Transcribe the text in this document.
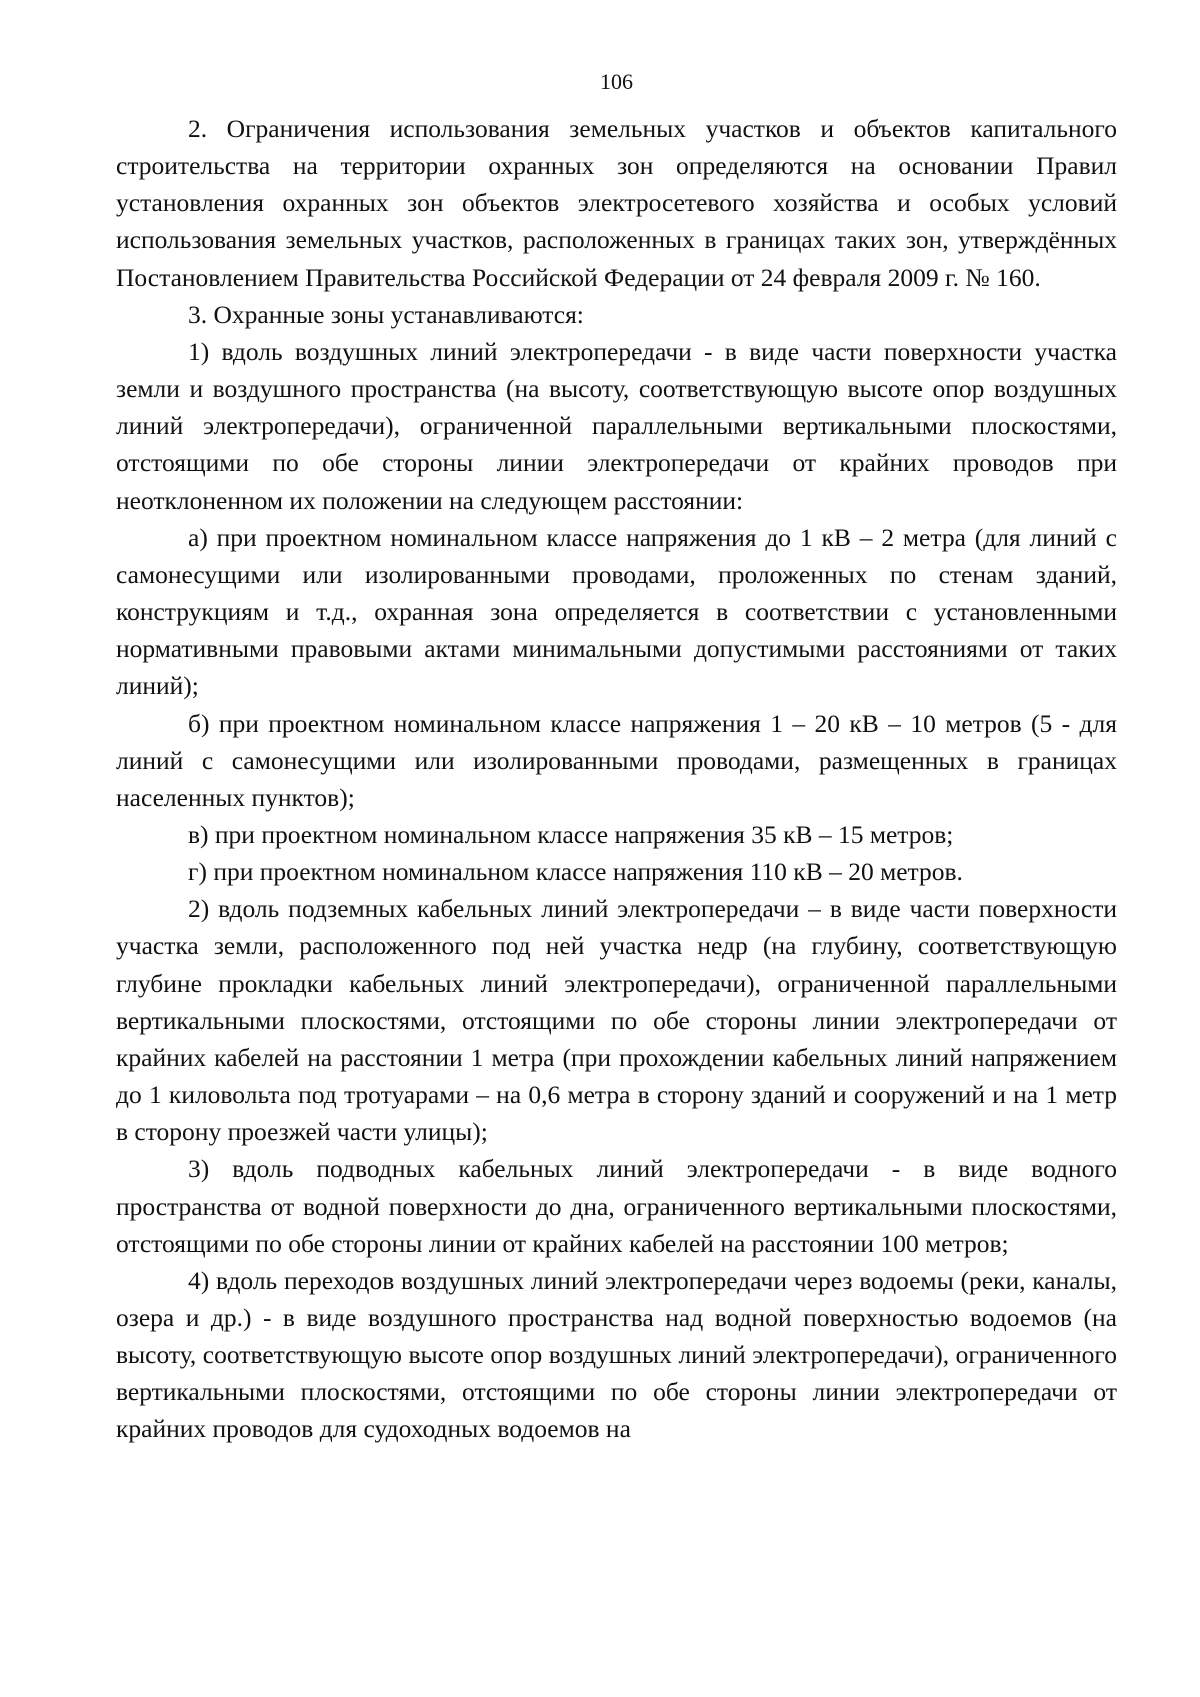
106

2. Ограничения использования земельных участков и объектов капитального строительства на территории охранных зон определяются на основании Правил установления охранных зон объектов электросетевого хозяйства и особых условий использования земельных участков, расположенных в границах таких зон, утверждённых Постановлением Правительства Российской Федерации от 24 февраля 2009 г. № 160.

3. Охранные зоны устанавливаются:

1) вдоль воздушных линий электропередачи - в виде части поверхности участка земли и воздушного пространства (на высоту, соответствующую высоте опор воздушных линий электропередачи), ограниченной параллельными вертикальными плоскостями, отстоящими по обе стороны линии электропередачи от крайних проводов при неотклоненном их положении на следующем расстоянии:

а) при проектном номинальном классе напряжения до 1 кВ – 2 метра (для линий с самонесущими или изолированными проводами, проложенных по стенам зданий, конструкциям и т.д., охранная зона определяется в соответствии с установленными нормативными правовыми актами минимальными допустимыми расстояниями от таких линий);

б) при проектном номинальном классе напряжения 1 – 20 кВ – 10 метров (5 - для линий с самонесущими или изолированными проводами, размещенных в границах населенных пунктов);

в) при проектном номинальном классе напряжения 35 кВ – 15 метров;

г) при проектном номинальном классе напряжения 110 кВ – 20 метров.

2) вдоль подземных кабельных линий электропередачи – в виде части поверхности участка земли, расположенного под ней участка недр (на глубину, соответствующую глубине прокладки кабельных линий электропередачи), ограниченной параллельными вертикальными плоскостями, отстоящими по обе стороны линии электропередачи от крайних кабелей на расстоянии 1 метра (при прохождении кабельных линий напряжением до 1 киловольта под тротуарами – на 0,6 метра в сторону зданий и сооружений и на 1 метр в сторону проезжей части улицы);

3) вдоль подводных кабельных линий электропередачи - в виде водного пространства от водной поверхности до дна, ограниченного вертикальными плоскостями, отстоящими по обе стороны линии от крайних кабелей на расстоянии 100 метров;

4) вдоль переходов воздушных линий электропередачи через водоемы (реки, каналы, озера и др.) - в виде воздушного пространства над водной поверхностью водоемов (на высоту, соответствующую высоте опор воздушных линий электропередачи), ограниченного вертикальными плоскостями, отстоящими по обе стороны линии электропередачи от крайних проводов для судоходных водоемов на
